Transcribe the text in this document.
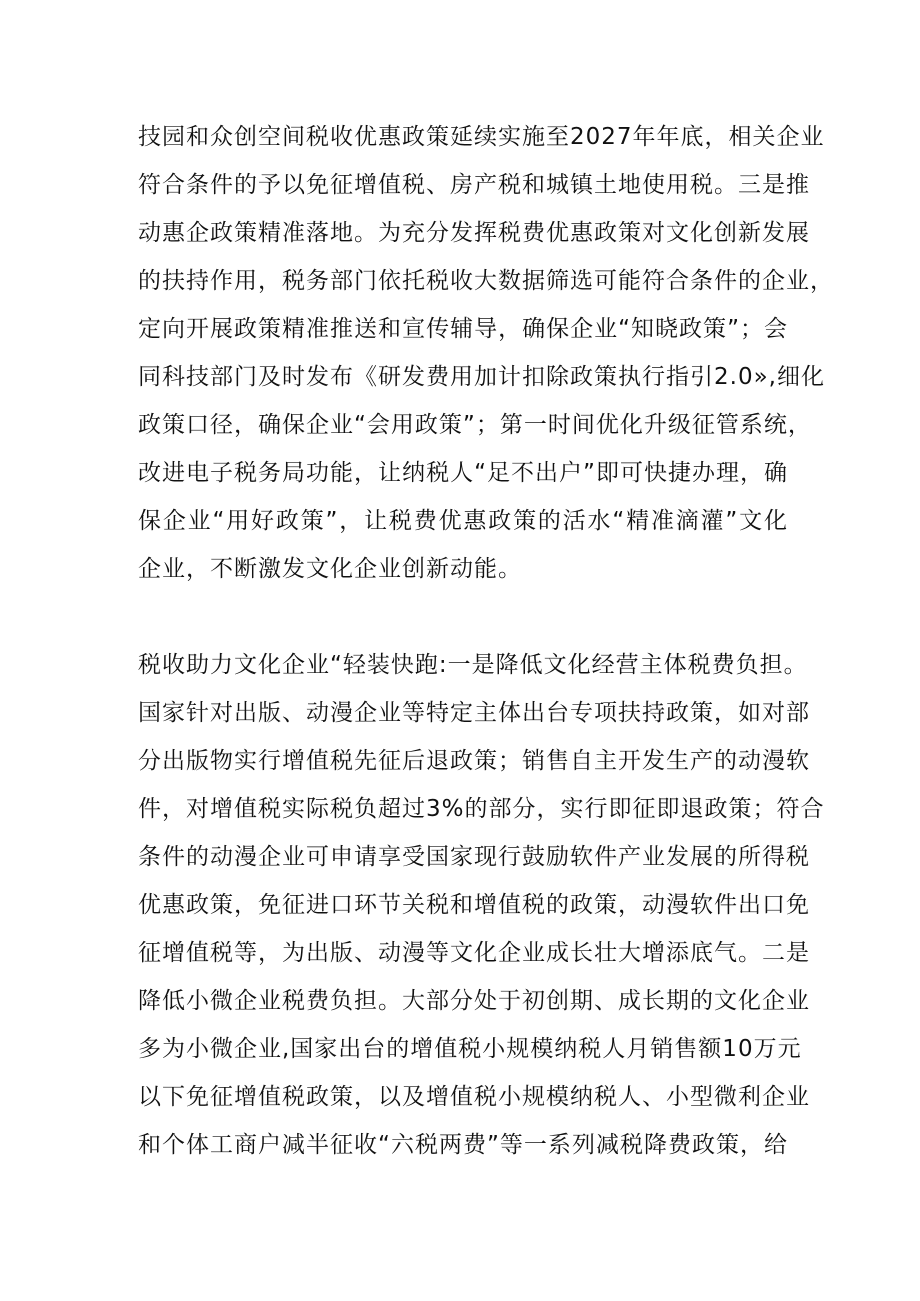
技园和众创空间税收优惠政策延续实施至2027年年底，相关企业
符合条件的予以免征增值税、房产税和城镇土地使用税。三是推
动惠企政策精准落地。为充分发挥税费优惠政策对文化创新发展
的扶持作用，税务部门依托税收大数据筛选可能符合条件的企业，
定向开展政策精准推送和宣传辅导，确保企业“知晓政策”；会
同科技部门及时发布《研发费用加计扣除政策执行指引2.0»,细化
政策口径，确保企业“会用政策”；第一时间优化升级征管系统，
改进电子税务局功能，让纳税人“足不出户”即可快捷办理，确
保企业“用好政策”，让税费优惠政策的活水“精准滴灌”文化
企业，不断激发文化企业创新动能。
税收助力文化企业“轻装快跑:一是降低文化经营主体税费负担。
国家针对出版、动漫企业等特定主体出台专项扶持政策，如对部
分出版物实行增值税先征后退政策；销售自主开发生产的动漫软
件，对增值税实际税负超过3%的部分，实行即征即退政策；符合
条件的动漫企业可申请享受国家现行鼓励软件产业发展的所得税
优惠政策，免征进口环节关税和增值税的政策，动漫软件出口免
征增值税等，为出版、动漫等文化企业成长壮大增添底气。二是
降低小微企业税费负担。大部分处于初创期、成长期的文化企业
多为小微企业,国家出台的增值税小规模纳税人月销售额10万元
以下免征增值税政策，以及增值税小规模纳税人、小型微利企业
和个体工商户减半征收“六税两费”等一系列减税降费政策，给
